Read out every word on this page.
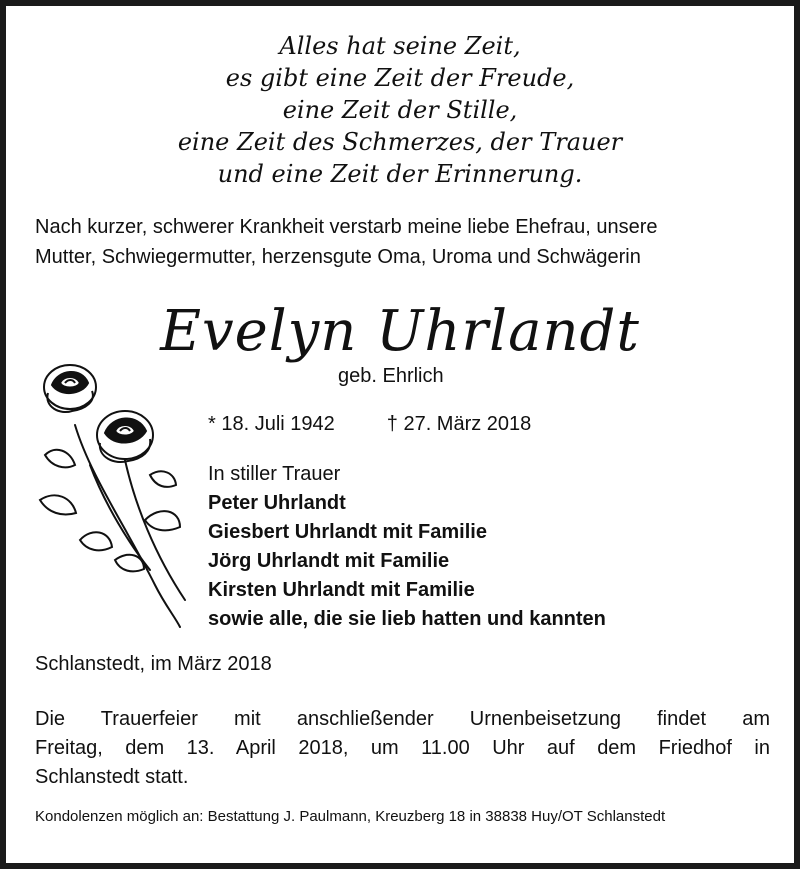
Alles hat seine Zeit,
es gibt eine Zeit der Freude,
eine Zeit der Stille,
eine Zeit des Schmerzes, der Trauer
und eine Zeit der Erinnerung.
Nach kurzer, schwerer Krankheit verstarb meine liebe Ehefrau, unsere
Mutter, Schwiegermutter, herzensgute Oma, Uroma und Schwägerin
Evelyn Uhrlandt
geb. Ehrlich
* 18. Juli 1942	† 27. März 2018
In stiller Trauer
Peter Uhrlandt
Giesbert Uhrlandt mit Familie
Jörg Uhrlandt mit Familie
Kirsten Uhrlandt mit Familie
sowie alle, die sie lieb hatten und kannten
Schlanstedt, im März 2018
Die Trauerfeier mit anschließender Urnenbeisetzung findet am
Freitag, dem 13. April 2018, um 11.00 Uhr auf dem Friedhof in
Schlanstedt statt.
Kondolenzen möglich an: Bestattung J. Paulmann, Kreuzberg 18 in 38838 Huy/OT Schlanstedt
